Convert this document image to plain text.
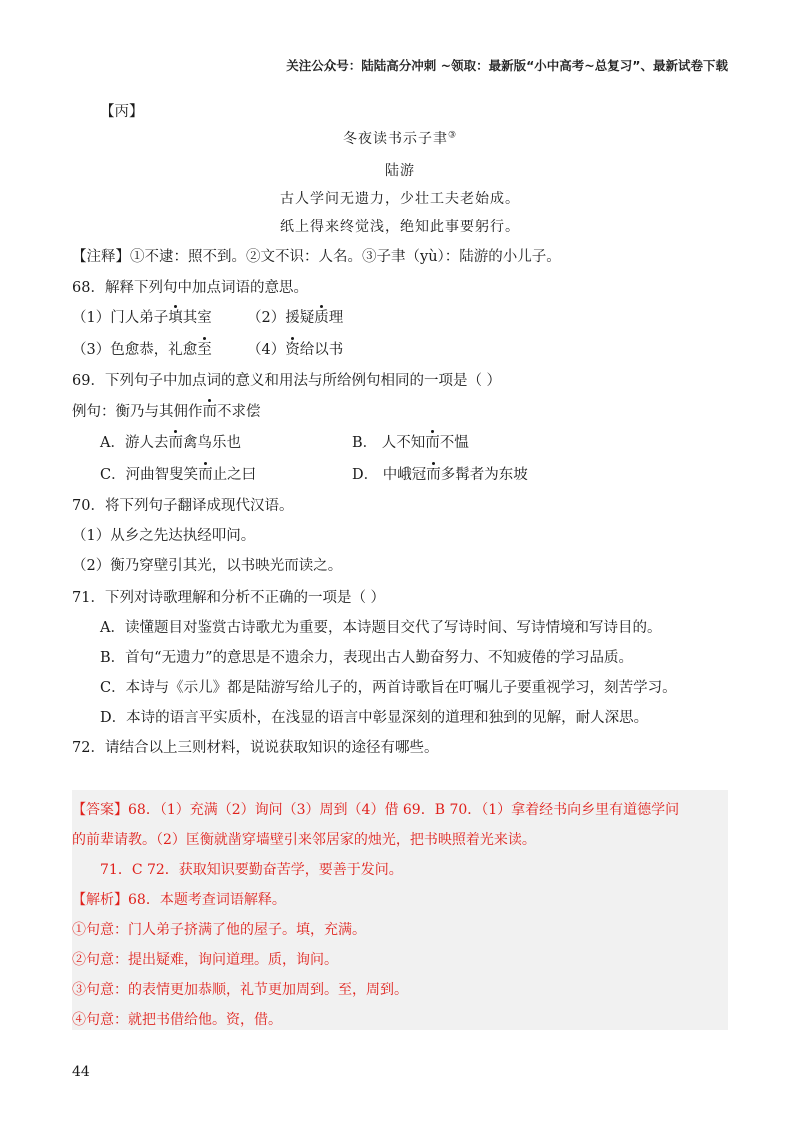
关注公众号：陆陆高分冲刺 ~领取：最新版“小中高考~总复习”、最新试卷下载
【丙】
冬夜读书示子聿③
陆游
古人学问无遗力，少壮工夫老始成。
纸上得来终觉浅，绝知此事要躬行。
【注释】①不逮：照不到。②文不识：人名。③子聿（yù）：陆游的小儿子。
68．解释下列句中加点词语的意思。
（1）门人弟子填其室 （2）援疑质理
（3）色愈恭，礼愈至 （4）资给以书
69．下列句子中加点词的意义和用法与所给例句相同的一项是（ ）
例句：衡乃与其佣作而不求偿
A．游人去而禽鸟乐也	B． 人不知而不愠
C．河曲智叟笑而止之曰	D． 中峨冠而多髯者为东坡
70．将下列句子翻译成现代汉语。
（1）从乡之先达执经叩问。
（2）衡乃穿壁引其光，以书映光而读之。
71．下列对诗歌理解和分析不正确的一项是（ ）
A．读懂题目对鉴赏古诗歌尤为重要，本诗题目交代了写诗时间、写诗情境和写诗目的。
B．首句“无遗力”的意思是不遗余力，表现出古人勤奋努力、不知疲倦的学习品质。
C．本诗与《示儿》都是陆游写给儿子的，两首诗歌旨在叮嘱儿子要重视学习，刻苦学习。
D．本诗的语言平实质朴，在浅显的语言中彰显深刻的道理和独到的见解，耐人深思。
72．请结合以上三则材料，说说获取知识的途径有哪些。
【答案】68．（1）充满（2）询问（3）周到（4）借 69．B 70．（1）拿着经书向乡里有道德学问
的前辈请教。（2）匡衡就凿穿墙壁引来邻居家的烛光，把书映照着光来读。
71．C 72．获取知识要勤奋苦学，要善于发问。
【解析】68．本题考查词语解释。
①句意：门人弟子挤满了他的屋子。填，充满。
②句意：提出疑难，询问道理。质，询问。
③句意：的表情更加恭顺，礼节更加周到。至，周到。
④句意：就把书借给他。资，借。
44
